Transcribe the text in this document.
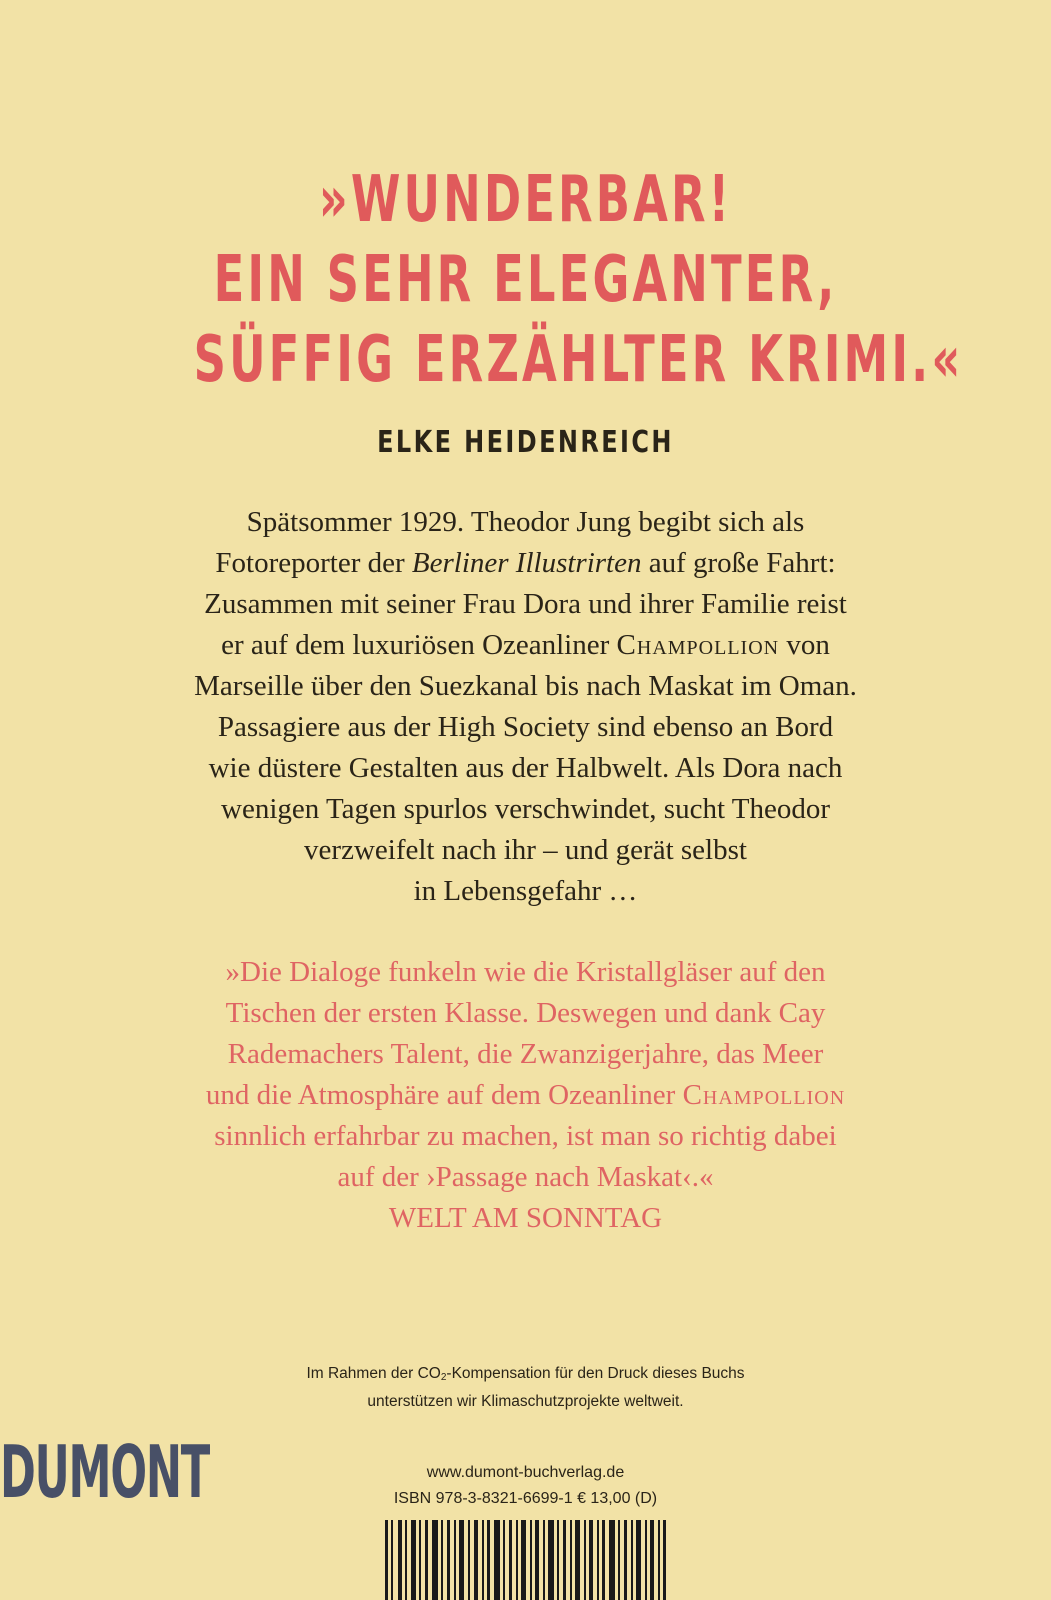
»WUNDERBAR!
EIN SEHR ELEGANTER,
SÜFFIG ERZÄHLTER KRIMI.«
ELKE HEIDENREICH
Spätsommer 1929. Theodor Jung begibt sich als
Fotoreporter der Berliner Illustrirten auf große Fahrt:
Zusammen mit seiner Frau Dora und ihrer Familie reist
er auf dem luxuriösen Ozeanliner Champollion von
Marseille über den Suezkanal bis nach Maskat im Oman.
Passagiere aus der High Society sind ebenso an Bord
wie düstere Gestalten aus der Halbwelt. Als Dora nach
wenigen Tagen spurlos verschwindet, sucht Theodor
verzweifelt nach ihr – und gerät selbst
in Lebensgefahr …
»Die Dialoge funkeln wie die Kristallgläser auf den
Tischen der ersten Klasse. Deswegen und dank Cay
Rademachers Talent, die Zwanzigerjahre, das Meer
und die Atmosphäre auf dem Ozeanliner Champollion
sinnlich erfahrbar zu machen, ist man so richtig dabei
auf der ›Passage nach Maskat‹.«
WELT AM SONNTAG
Im Rahmen der $CO_2$-Kompensation für den Druck dieses Buchs
unterstützen wir Klimaschutzprojekte weltweit.
DUMONT	www.dumont-buchverlag.de
ISBN 978-3-8321-6699-1 € 13,00 (D)
